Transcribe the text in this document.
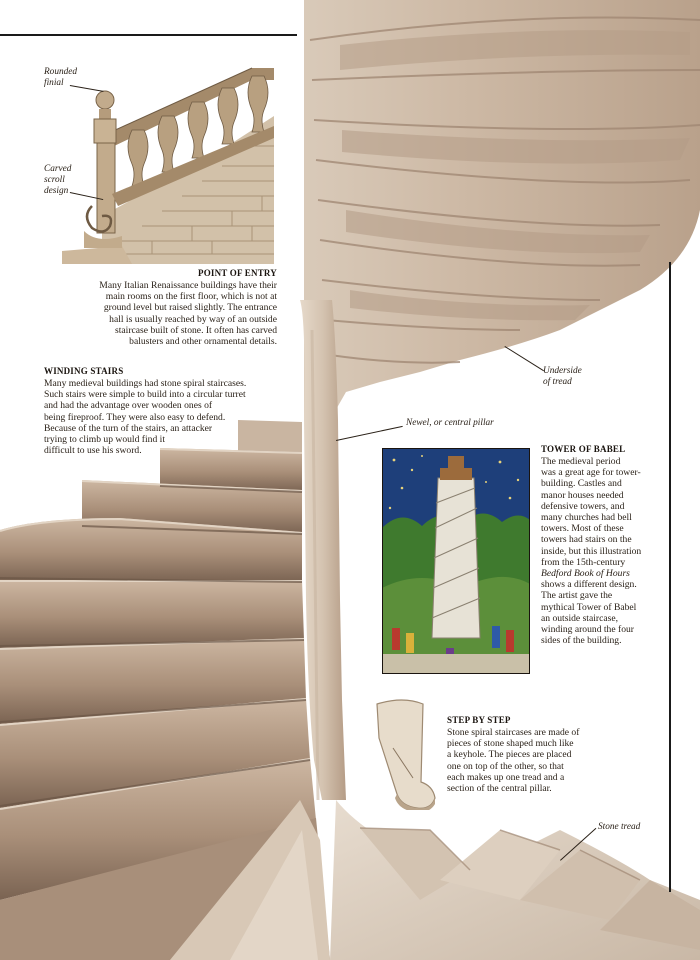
Rounded
finial
Carved
scroll
design
Underside
of tread
Newel, or central pillar
Stone tread
POINT OF ENTRY
Many Italian Renaissance buildings have their
main rooms on the first floor, which is not at
ground level but raised slightly. The entrance
hall is usually reached by way of an outside
staircase built of stone. It often has carved
balusters and other ornamental details.
WINDING STAIRS
Many medieval buildings had stone spiral staircases.
Such stairs were simple to build into a circular turret
and had the advantage over wooden ones of
being fireproof. They were also easy to defend.
Because of the turn of the stairs, an attacker
trying to climb up would find it
difficult to use his sword.	TOWER OF BABEL
The medieval period
was a great age for tower-
building. Castles and
manor houses needed
defensive towers, and
many churches had bell
towers. Most of these
towers had stairs on the
inside, but this illustration
from the 15th-century
Bedford Book of Hours
shows a different design.
The artist gave the
mythical Tower of Babel
an outside staircase,
winding around the four
sides of the building.
STEP BY STEP
Stone spiral staircases are made of
pieces of stone shaped much like
a keyhole. The pieces are placed
one on top of the other, so that
each makes up one tread and a
section of the central pillar.
